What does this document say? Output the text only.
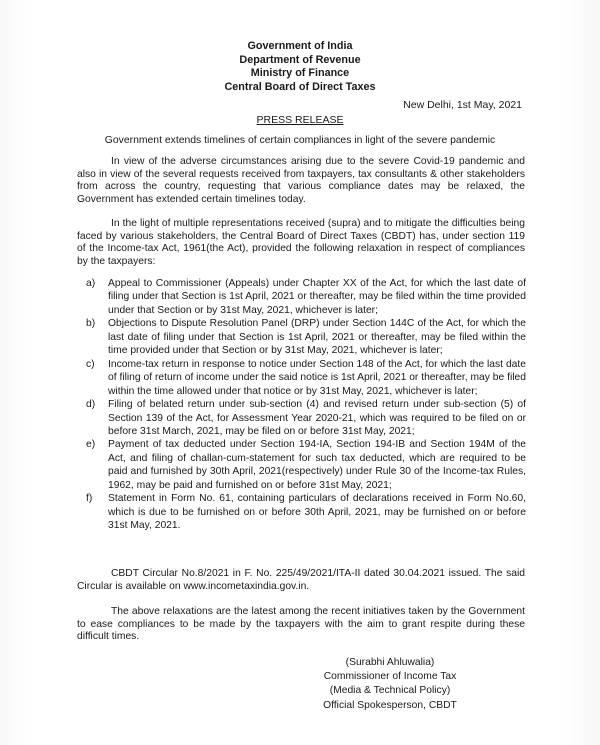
Government of India
Department of Revenue
Ministry of Finance
Central Board of Direct Taxes
New Delhi, 1st May, 2021
PRESS RELEASE
Government extends timelines of certain compliances in light of the severe pandemic

In view of the adverse circumstances arising due to the severe Covid-19 pandemic and also in view of the several requests received from taxpayers, tax consultants & other stakeholders from across the country, requesting that various compliance dates may be relaxed, the Government has extended certain timelines today.

In the light of multiple representations received (supra) and to mitigate the difficulties being faced by various stakeholders, the Central Board of Direct Taxes (CBDT) has, under section 119 of the Income-tax Act, 1961(the Act), provided the following relaxation in respect of compliances by the taxpayers:

a) Appeal to Commissioner (Appeals) under Chapter XX of the Act, for which the last date of filing under that Section is 1st April, 2021 or thereafter, may be filed within the time provided under that Section or by 31st May, 2021, whichever is later;
b) Objections to Dispute Resolution Panel (DRP) under Section 144C of the Act, for which the last date of filing under that Section is 1st April, 2021 or thereafter, may be filed within the time provided under that Section or by 31st May, 2021, whichever is later;
c) Income-tax return in response to notice under Section 148 of the Act, for which the last date of filing of return of income under the said notice is 1st April, 2021 or thereafter, may be filed within the time allowed under that notice or by 31st May, 2021, whichever is later;
d) Filing of belated return under sub-section (4) and revised return under sub-section (5) of Section 139 of the Act, for Assessment Year 2020-21, which was required to be filed on or before 31st March, 2021, may be filed on or before 31st May, 2021;
e) Payment of tax deducted under Section 194-IA, Section 194-IB and Section 194M of the Act, and filing of challan-cum-statement for such tax deducted, which are required to be paid and furnished by 30th April, 2021(respectively) under Rule 30 of the Income-tax Rules, 1962, may be paid and furnished on or before 31st May, 2021;
f) Statement in Form No. 61, containing particulars of declarations received in Form No.60, which is due to be furnished on or before 30th April, 2021, may be furnished on or before 31st May, 2021.

CBDT Circular No.8/2021 in F. No. 225/49/2021/ITA-II dated 30.04.2021 issued. The said Circular is available on www.incometaxindia.gov.in.

The above relaxations are the latest among the recent initiatives taken by the Government to ease compliances to be made by the taxpayers with the aim to grant respite during these difficult times.

(Surabhi Ahluwalia)
Commissioner of Income Tax
(Media & Technical Policy)
Official Spokesperson, CBDT
